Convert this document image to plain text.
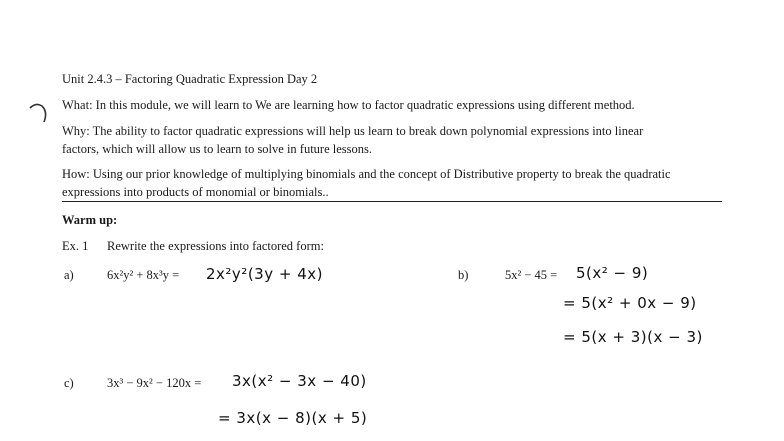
Unit 2.4.3 – Factoring Quadratic Expression Day 2
What: In this module, we will learn to We are learning how to factor quadratic expressions using different method.
Why: The ability to factor quadratic expressions will help us learn to break down polynomial expressions into linear
factors, which will allow us to learn to solve in future lessons.
How: Using our prior knowledge of multiplying binomials and the concept of Distributive property to break the quadratic
expressions into products of monomial or binomials..
Warm up:
Ex. 1 Rewrite the expressions into factored form:
a)	6x²y² + 8x³y = 2x²y²(3y + 4x)	b)	5x² − 45 = 5(x² − 9)
= 5(x² + 0x − 9)
= 5(x + 3)(x − 3)
c)	3x³ − 9x² − 120x = 3x(x² − 3x − 40)
= 3x(x − 8)(x + 5)
